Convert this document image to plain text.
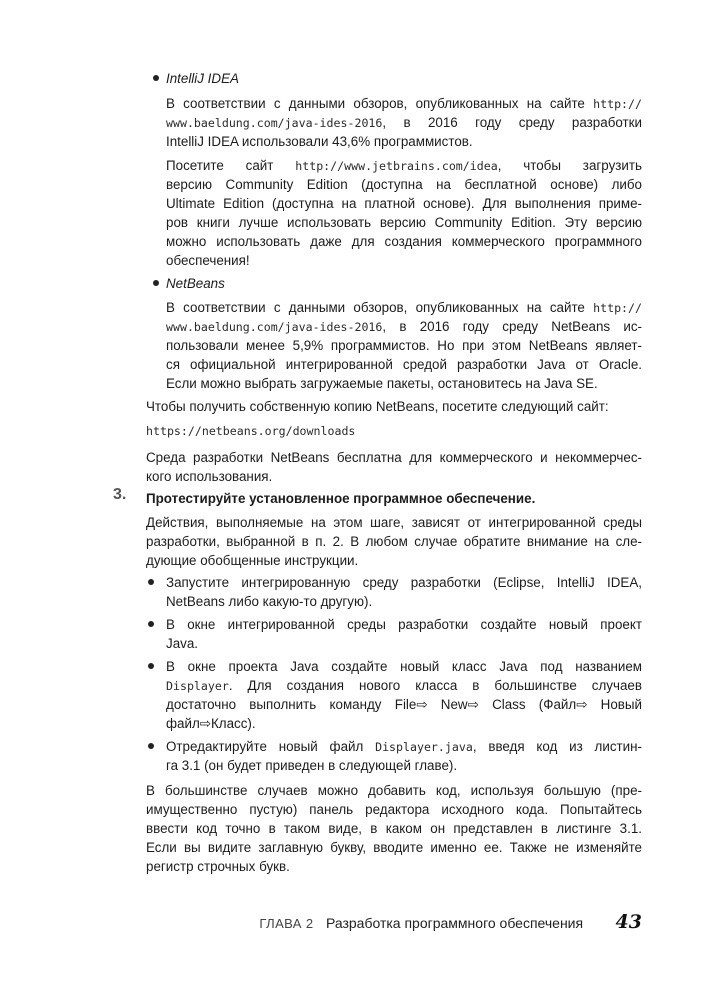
IntelliJ IDEA
В соответствии с данными обзоров, опубликованных на сайте http://
www.baeldung.com/java-ides-2016, в 2016 году среду разработки
IntelliJ IDEA использовали 43,6% программистов.
Посетите сайт http://www.jetbrains.com/idea, чтобы загрузить
версию Community Edition (доступна на бесплатной основе) либо
Ultimate Edition (доступна на платной основе). Для выполнения приме-
ров книги лучше использовать версию Community Edition. Эту версию
можно использовать даже для создания коммерческого программного
обеспечения!
NetBeans
В соответствии с данными обзоров, опубликованных на сайте http://
www.baeldung.com/java-ides-2016, в 2016 году среду NetBeans ис-
пользовали менее 5,9% программистов. Но при этом NetBeans являет-
ся официальной интегрированной средой разработки Java от Oracle.
Если можно выбрать загружаемые пакеты, остановитесь на Java SE.
Чтобы получить собственную копию NetBeans, посетите следующий сайт:
https://netbeans.org/downloads
Среда разработки NetBeans бесплатна для коммерческого и некоммерчес-
кого использования.
3. Протестируйте установленное программное обеспечение.
Действия, выполняемые на этом шаге, зависят от интегрированной среды
разработки, выбранной в п. 2. В любом случае обратите внимание на сле-
дующие обобщенные инструкции.
Запустите интегрированную среду разработки (Eclipse, IntelliJ IDEA,
NetBeans либо какую-то другую).
В окне интегрированной среды разработки создайте новый проект
Java.
В окне проекта Java создайте новый класс Java под названием
Displayer. Для создания нового класса в большинстве случаев
достаточно выполнить команду File⇨ New⇨ Class (Файл⇨ Новый
файл⇨Класс).
Отредактируйте новый файл Displayer.java, введя код из листин-
га 3.1 (он будет приведен в следующей главе).
В большинстве случаев можно добавить код, используя большую (пре-
имущественно пустую) панель редактора исходного кода. Попытайтесь
ввести код точно в таком виде, в каком он представлен в листинге 3.1.
Если вы видите заглавную букву, вводите именно ее. Также не изменяйте
регистр строчных букв.
ГЛАВА 2 Разработка программного обеспечения 43
